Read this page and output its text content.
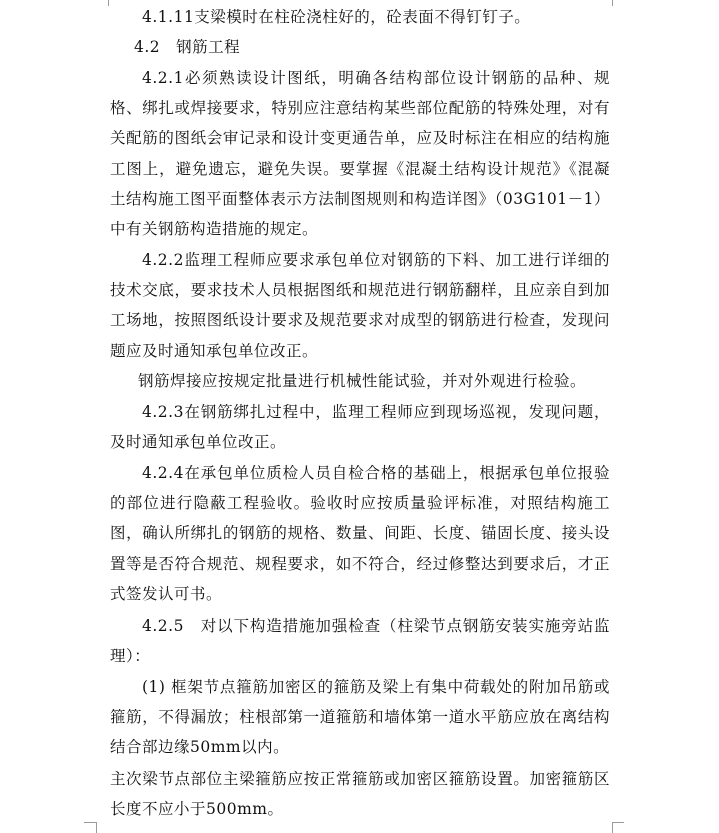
4.1.11支梁模时在柱砼浇柱好的，砼表面不得钉钉子。
4.2　钢筋工程
4.2.1必须熟读设计图纸，明确各结构部位设计钢筋的品种、规格、绑扎或焊接要求，特别应注意结构某些部位配筋的特殊处理，对有关配筋的图纸会审记录和设计变更通告单，应及时标注在相应的结构施工图上，避免遗忘，避免失误。要掌握《混凝土结构设计规范》《混凝土结构施工图平面整体表示方法制图规则和构造详图》（03G101－1）中有关钢筋构造措施的规定。
4.2.2监理工程师应要求承包单位对钢筋的下料、加工进行详细的技术交底，要求技术人员根据图纸和规范进行钢筋翻样，且应亲自到加工场地，按照图纸设计要求及规范要求对成型的钢筋进行检查，发现问题应及时通知承包单位改正。
钢筋焊接应按规定批量进行机械性能试验，并对外观进行检验。
4.2.3在钢筋绑扎过程中，监理工程师应到现场巡视，发现问题，及时通知承包单位改正。
4.2.4在承包单位质检人员自检合格的基础上，根据承包单位报验的部位进行隐蔽工程验收。验收时应按质量验评标准，对照结构施工图，确认所绑扎的钢筋的规格、数量、间距、长度、锚固长度、接头设置等是否符合规范、规程要求，如不符合，经过修整达到要求后，才正式签发认可书。
4.2.5　对以下构造措施加强检查（柱梁节点钢筋安装实施旁站监理）：
(1) 框架节点箍筋加密区的箍筋及梁上有集中荷载处的附加吊筋或箍筋，不得漏放；柱根部第一道箍筋和墙体第一道水平筋应放在离结构结合部边缘50mm以内。
主次梁节点部位主梁箍筋应按正常箍筋或加密区箍筋设置。加密箍筋区长度不应小于500mm。
